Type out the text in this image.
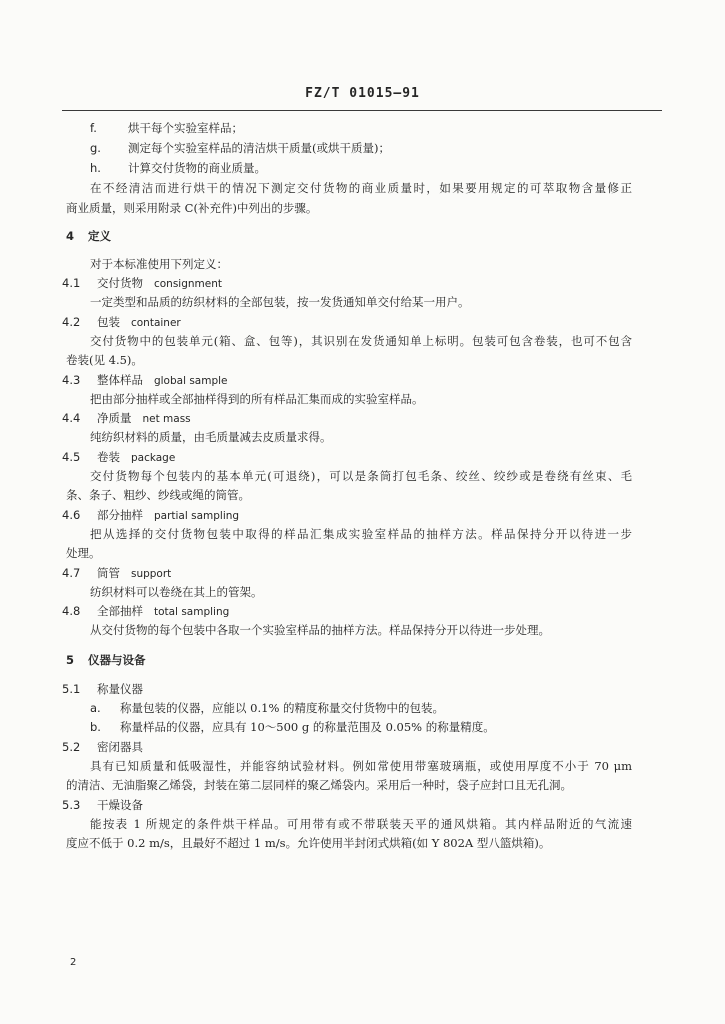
FZ/T 01015—91
f.	烘干每个实验室样品；
g. 测定每个实验室样品的清洁烘干质量(或烘干质量)；
h. 计算交付货物的商业质量。
在不经清洁而进行烘干的情况下测定交付货物的商业质量时，如果要用规定的可萃取物含量修正
商业质量，则采用附录 C(补充件)中列出的步骤。
4 定义
对于本标准使用下列定义：
4.1 交付货物 consignment
一定类型和品质的纺织材料的全部包装，按一发货通知单交付给某一用户。
4.2 包装 container
交付货物中的包装单元(箱、盒、包等)，其识别在发货通知单上标明。包装可包含卷装，也可不包含
卷装(见 4.5)。
4.3 整体样品 global sample
把由部分抽样或全部抽样得到的所有样品汇集而成的实验室样品。
4.4 净质量 net mass
纯纺织材料的质量，由毛质量减去皮质量求得。
4.5 卷装 package
交付货物每个包装内的基本单元(可退绕)，可以是条筒打包毛条、绞丝、绞纱或是卷绕有丝束、毛
条、条子、粗纱、纱线或绳的筒管。
4.6 部分抽样 partial sampling
把从选择的交付货物包装中取得的样品汇集成实验室样品的抽样方法。样品保持分开以待进一步
处理。
4.7 筒管 support
纺织材料可以卷绕在其上的管架。
4.8 全部抽样 total sampling
从交付货物的每个包装中各取一个实验室样品的抽样方法。样品保持分开以待进一步处理。
5 仪器与设备
5.1 称量仪器
a. 称量包装的仪器，应能以 0.1% 的精度称量交付货物中的包装。
b. 称量样品的仪器，应具有 10～500 g 的称量范围及 0.05% 的称量精度。
5.2 密闭器具
具有已知质量和低吸湿性，并能容纳试验材料。例如常使用带塞玻璃瓶，或使用厚度不小于 70 μm
的清洁、无油脂聚乙烯袋，封装在第二层同样的聚乙烯袋内。采用后一种时，袋子应封口且无孔洞。
5.3 干燥设备
能按表 1 所规定的条件烘干样品。可用带有或不带联装天平的通风烘箱。其内样品附近的气流速
度应不低于 0.2 m/s，且最好不超过 1 m/s。允许使用半封闭式烘箱(如 Y 802A 型八篮烘箱)。
2
